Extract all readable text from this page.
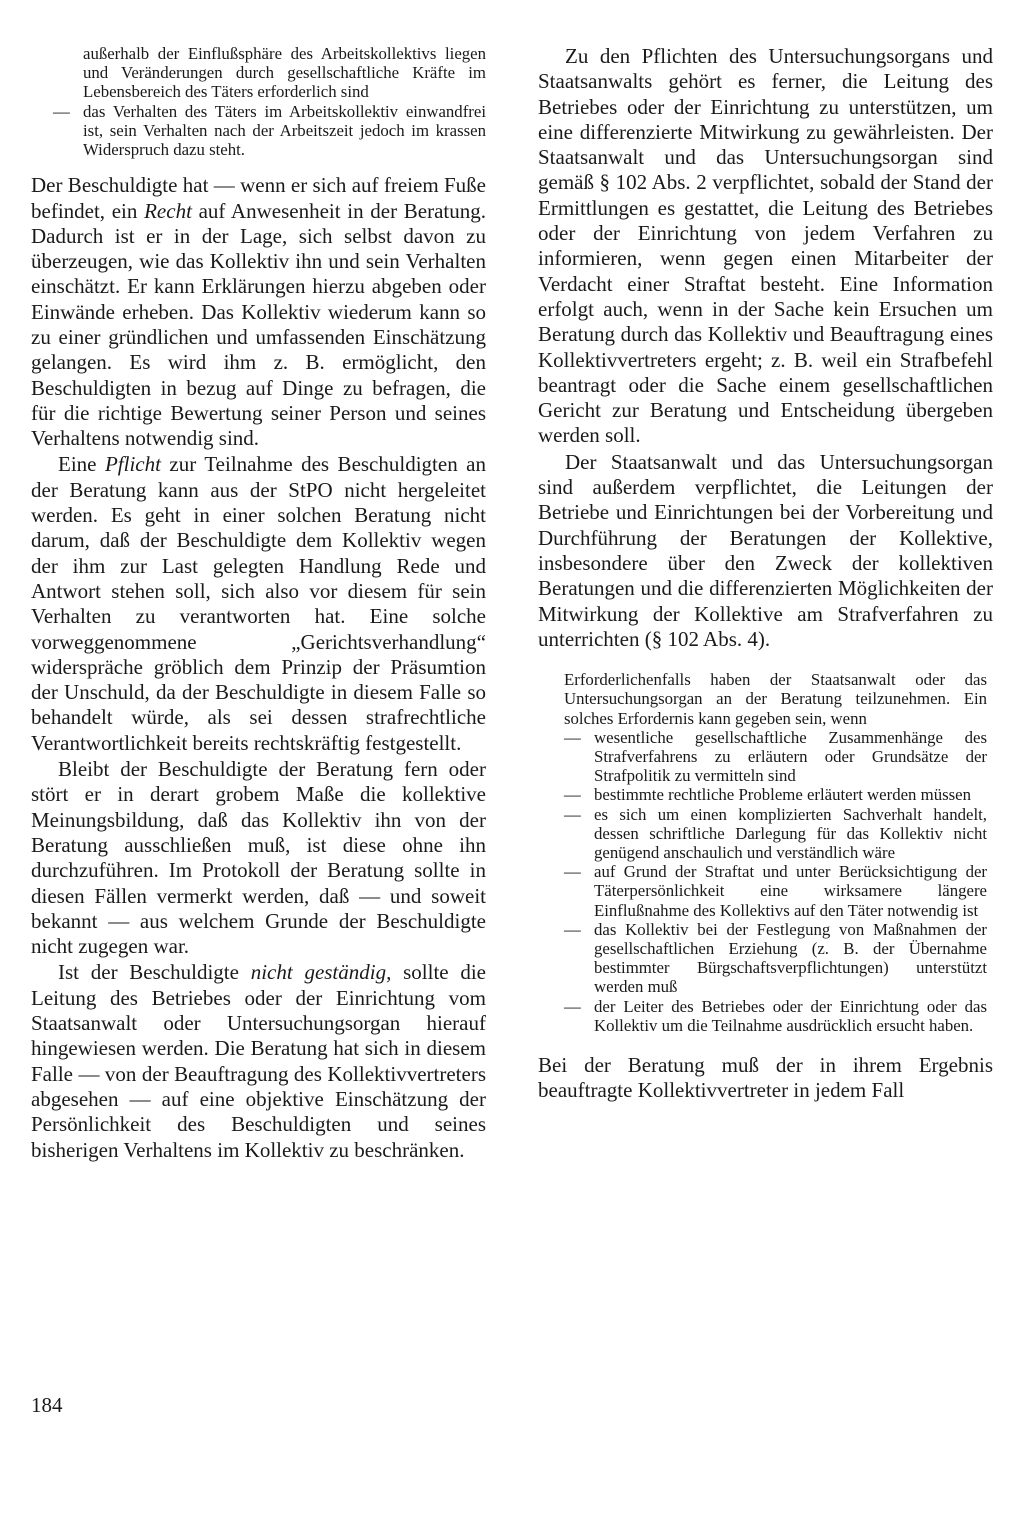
außerhalb der Einflußsphäre des Arbeitskollektivs liegen und Veränderungen durch gesellschaftliche Kräfte im Lebensbereich des Täters erforderlich sind

— das Verhalten des Täters im Arbeitskollektiv einwandfrei ist, sein Verhalten nach der Arbeitszeit jedoch im krassen Widerspruch dazu steht.

Der Beschuldigte hat — wenn er sich auf freiem Fuße befindet, ein Recht auf Anwesenheit in der Beratung. Dadurch ist er in der Lage, sich selbst davon zu überzeugen, wie das Kollektiv ihn und sein Verhalten einschätzt. Er kann Erklärungen hierzu abgeben oder Einwände erheben. Das Kollektiv wiederum kann so zu einer gründlichen und umfassenden Einschätzung gelangen. Es wird ihm z. B. ermöglicht, den Beschuldigten in bezug auf Dinge zu befragen, die für die richtige Bewertung seiner Person und seines Verhaltens notwendig sind.

Eine Pflicht zur Teilnahme des Beschuldigten an der Beratung kann aus der StPO nicht hergeleitet werden. Es geht in einer solchen Beratung nicht darum, daß der Beschuldigte dem Kollektiv wegen der ihm zur Last gelegten Handlung Rede und Antwort stehen soll, sich also vor diesem für sein Verhalten zu verantworten hat. Eine solche vorweggenommene „Gerichtsverhandlung“ widerspräche gröblich dem Prinzip der Präsumtion der Unschuld, da der Beschuldigte in diesem Falle so behandelt würde, als sei dessen strafrechtliche Verantwortlichkeit bereits rechtskräftig festgestellt.

Bleibt der Beschuldigte der Beratung fern oder stört er in derart grobem Maße die kollektive Meinungsbildung, daß das Kollektiv ihn von der Beratung ausschließen muß, ist diese ohne ihn durchzuführen. Im Protokoll der Beratung sollte in diesen Fällen vermerkt werden, daß — und soweit bekannt — aus welchem Grunde der Beschuldigte nicht zugegen war.

Ist der Beschuldigte nicht geständig, sollte die Leitung des Betriebes oder der Einrichtung vom Staatsanwalt oder Untersuchungsorgan hierauf hingewiesen werden. Die Beratung hat sich in diesem Falle — von der Beauftragung des Kollektivvertreters abgesehen — auf eine objektive Einschätzung der Persönlichkeit des Beschuldigten und seines bisherigen Verhaltens im Kollektiv zu beschränken.

Zu den Pflichten des Untersuchungsorgans und Staatsanwalts gehört es ferner, die Leitung des Betriebes oder der Einrichtung zu unterstützen, um eine differenzierte Mitwirkung zu gewährleisten. Der Staatsanwalt und das Untersuchungsorgan sind gemäß § 102 Abs. 2 verpflichtet, sobald der Stand der Ermittlungen es gestattet, die Leitung des Betriebes oder der Einrichtung von jedem Verfahren zu informieren, wenn gegen einen Mitarbeiter der Verdacht einer Straftat besteht. Eine Information erfolgt auch, wenn in der Sache kein Ersuchen um Beratung durch das Kollektiv und Beauftragung eines Kollektivvertreters ergeht; z. B. weil ein Strafbefehl beantragt oder die Sache einem gesellschaftlichen Gericht zur Beratung und Entscheidung übergeben werden soll.

Der Staatsanwalt und das Untersuchungsorgan sind außerdem verpflichtet, die Leitungen der Betriebe und Einrichtungen bei der Vorbereitung und Durchführung der Beratungen der Kollektive, insbesondere über den Zweck der kollektiven Beratungen und die differenzierten Möglichkeiten der Mitwirkung der Kollektive am Strafverfahren zu unterrichten (§ 102 Abs. 4).

Erforderlichenfalls haben der Staatsanwalt oder das Untersuchungsorgan an der Beratung teilzunehmen. Ein solches Erfordernis kann gegeben sein, wenn

— wesentliche gesellschaftliche Zusammenhänge des Strafverfahrens zu erläutern oder Grundsätze der Strafpolitik zu vermitteln sind
— bestimmte rechtliche Probleme erläutert werden müssen
— es sich um einen komplizierten Sachverhalt handelt, dessen schriftliche Darlegung für das Kollektiv nicht genügend anschaulich und verständlich wäre
— auf Grund der Straftat und unter Berücksichtigung der Täterpersönlichkeit eine wirksamere längere Einflußnahme des Kollektivs auf den Täter notwendig ist
— das Kollektiv bei der Festlegung von Maßnahmen der gesellschaftlichen Erziehung (z. B. der Übernahme bestimmter Bürgschaftsverpflichtungen) unterstützt werden muß
— der Leiter des Betriebes oder der Einrichtung oder das Kollektiv um die Teilnahme ausdrücklich ersucht haben.

Bei der Beratung muß der in ihrem Ergebnis beauftragte Kollektivvertreter in jedem Fall

184
